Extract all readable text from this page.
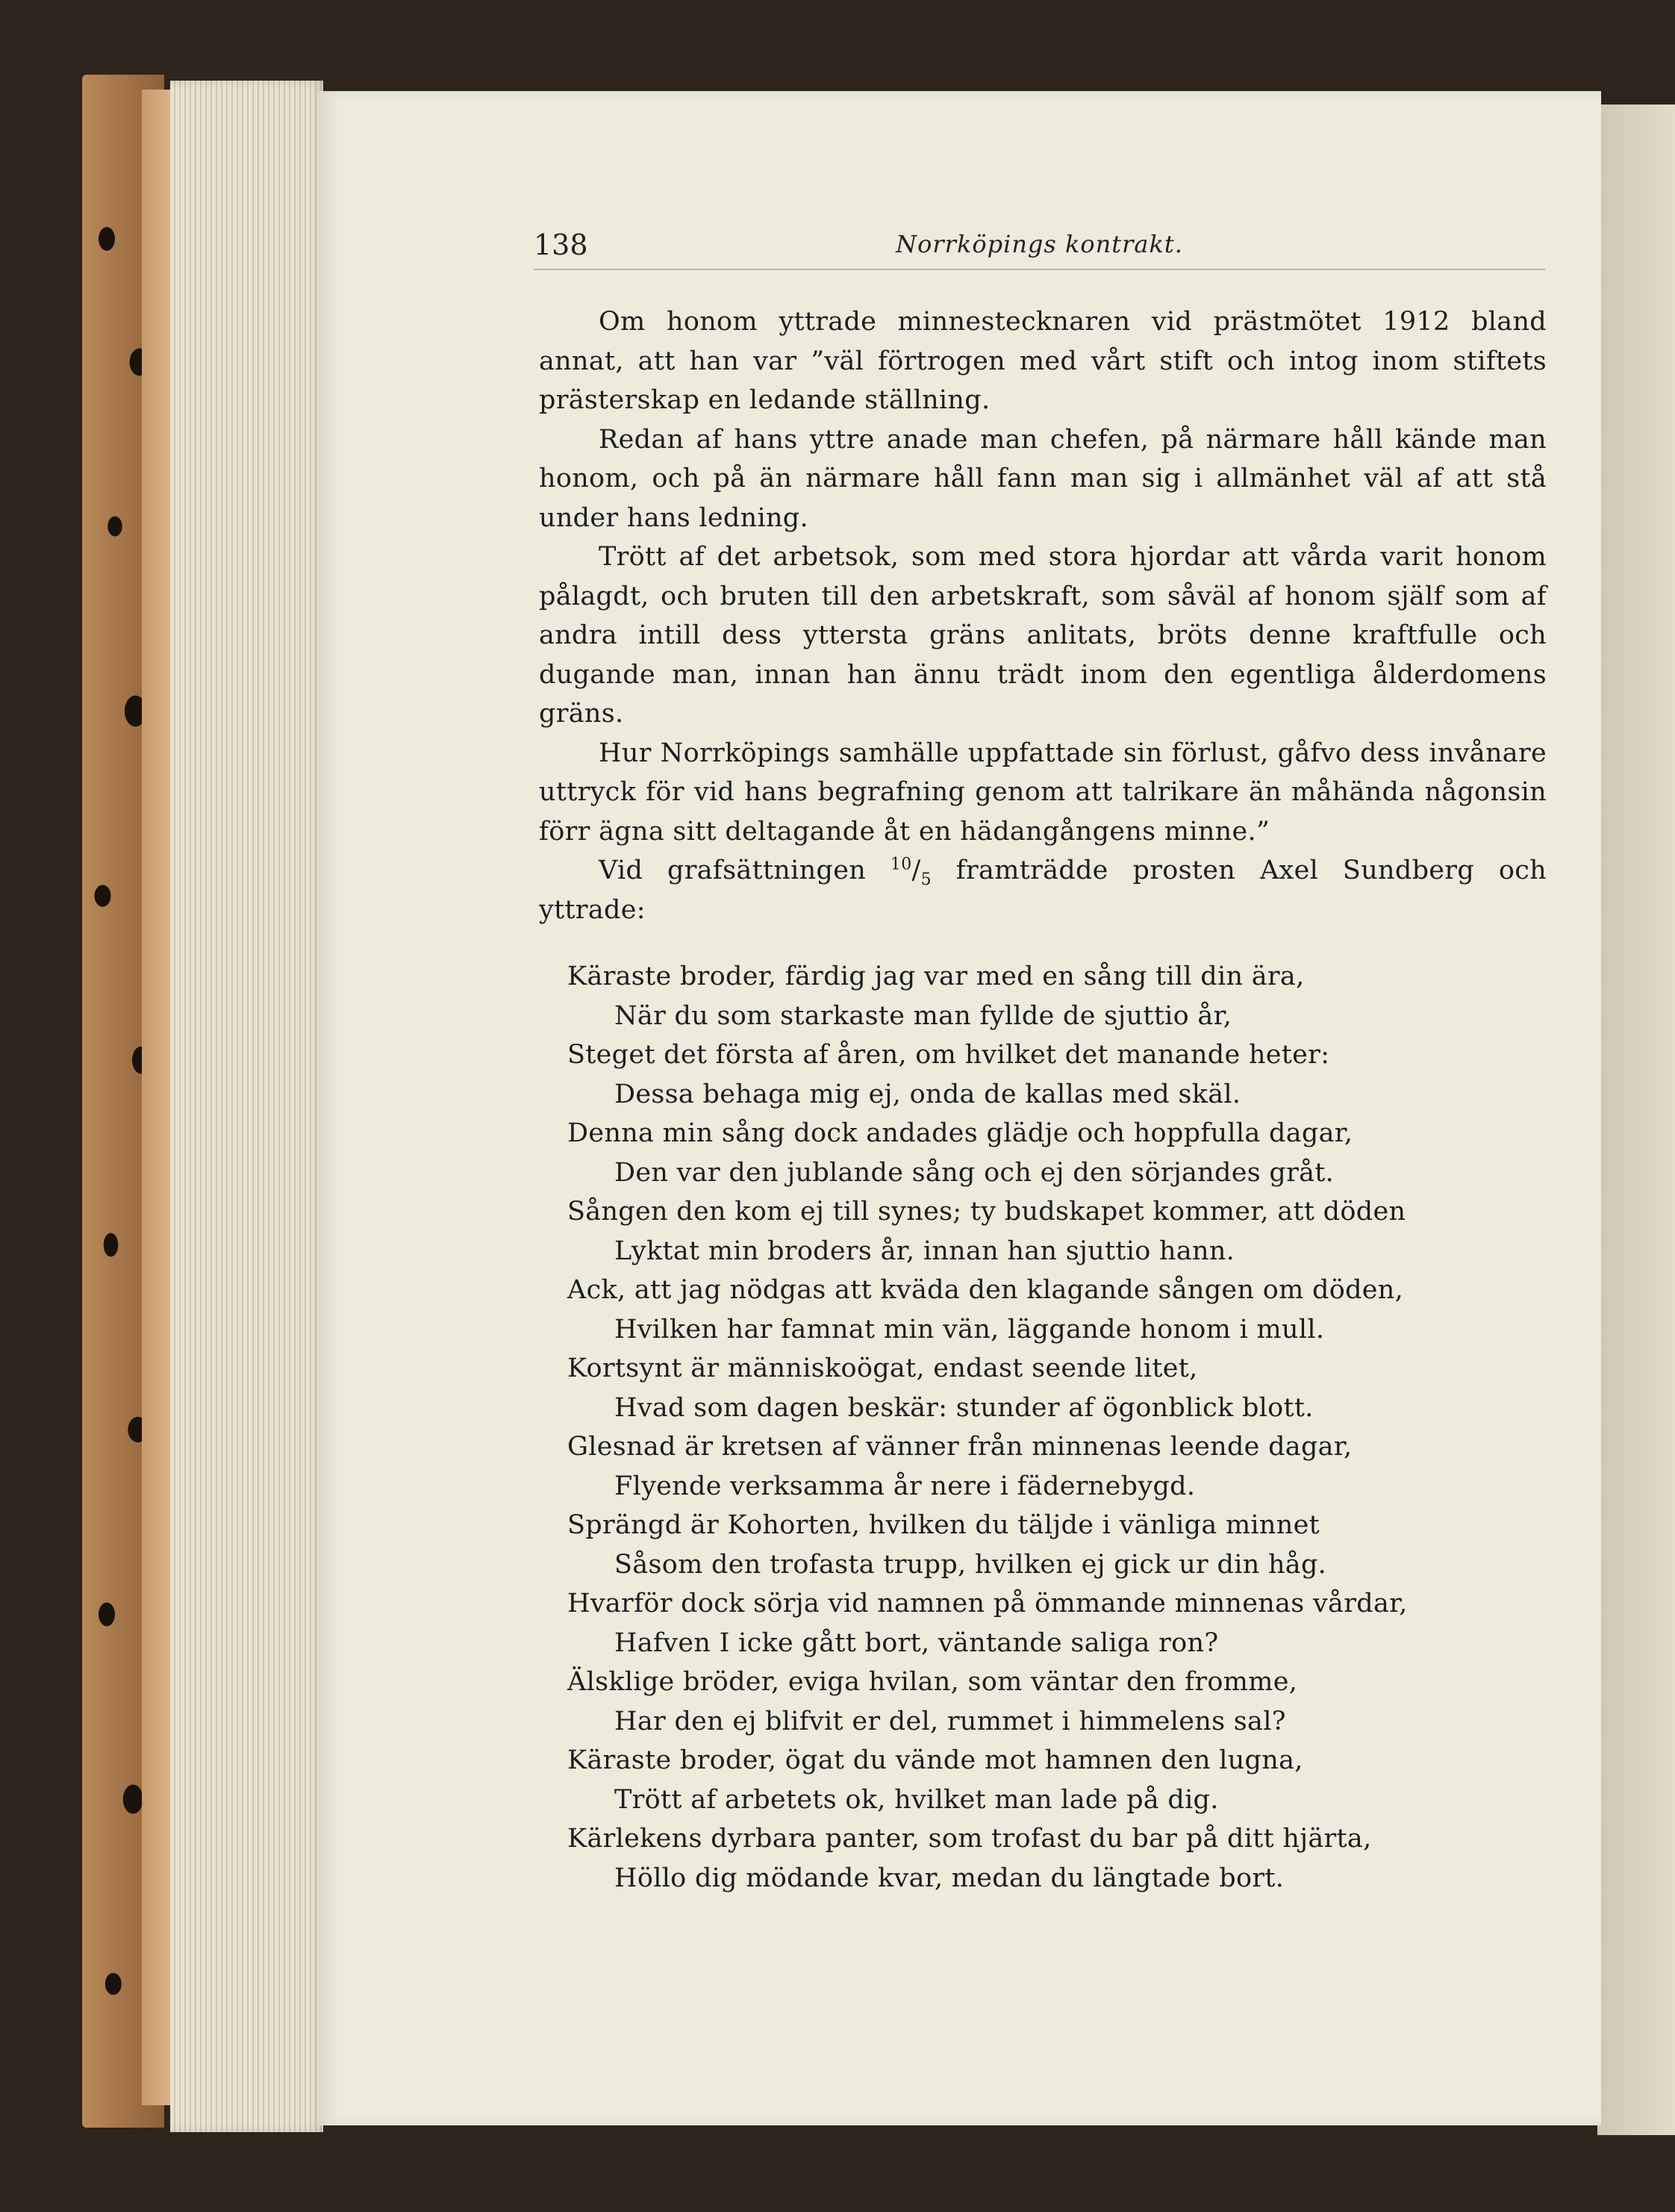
138	Norrköpings kontrakt.

Om honom yttrade minnestecknaren vid prästmötet 1912 bland annat, att han var ”väl förtrogen med vårt stift och intog inom stiftets prästerskap en ledande ställning.

Redan af hans yttre anade man chefen, på närmare håll kände man honom, och på än närmare håll fann man sig i allmänhet väl af att stå under hans ledning.

Trött af det arbetsok, som med stora hjordar att vårda varit honom pålagdt, och bruten till den arbetskraft, som såväl af honom själf som af andra intill dess yttersta gräns anlitats, bröts denne kraftfulle och dugande man, innan han ännu trädt inom den egentliga ålderdomens gräns.

Hur Norrköpings samhälle uppfattade sin förlust, gåfvo dess invånare uttryck för vid hans begrafning genom att talrikare än måhända någonsin förr ägna sitt deltagande åt en hädangångens minne.”

Vid grafsättningen $^{10}/_5$ framträdde prosten Axel Sundberg och yttrade:

Käraste broder, färdig jag var med en sång till din ära,
När du som starkaste man fyllde de sjuttio år,
Steget det första af åren, om hvilket det manande heter:
Dessa behaga mig ej, onda de kallas med skäl.
Denna min sång dock andades glädje och hoppfulla dagar,
Den var den jublande sång och ej den sörjandes gråt.
Sången den kom ej till synes; ty budskapet kommer, att döden
Lyktat min broders år, innan han sjuttio hann.
Ack, att jag nödgas att kväda den klagande sången om döden,
Hvilken har famnat min vän, läggande honom i mull.
Kortsynt är människoögat, endast seende litet,
Hvad som dagen beskär: stunder af ögonblick blott.
Glesnad är kretsen af vänner från minnenas leende dagar,
Flyende verksamma år nere i fädernebygd.
Sprängd är Kohorten, hvilken du täljde i vänliga minnet
Såsom den trofasta trupp, hvilken ej gick ur din håg.
Hvarför dock sörja vid namnen på ömmande minnenas vårdar,
Hafven I icke gått bort, väntande saliga ron?
Älsklige bröder, eviga hvilan, som väntar den fromme,
Har den ej blifvit er del, rummet i himmelens sal?
Käraste broder, ögat du vände mot hamnen den lugna,
Trött af arbetets ok, hvilket man lade på dig.
Kärlekens dyrbara panter, som trofast du bar på ditt hjärta,
Höllo dig mödande kvar, medan du längtade bort.
